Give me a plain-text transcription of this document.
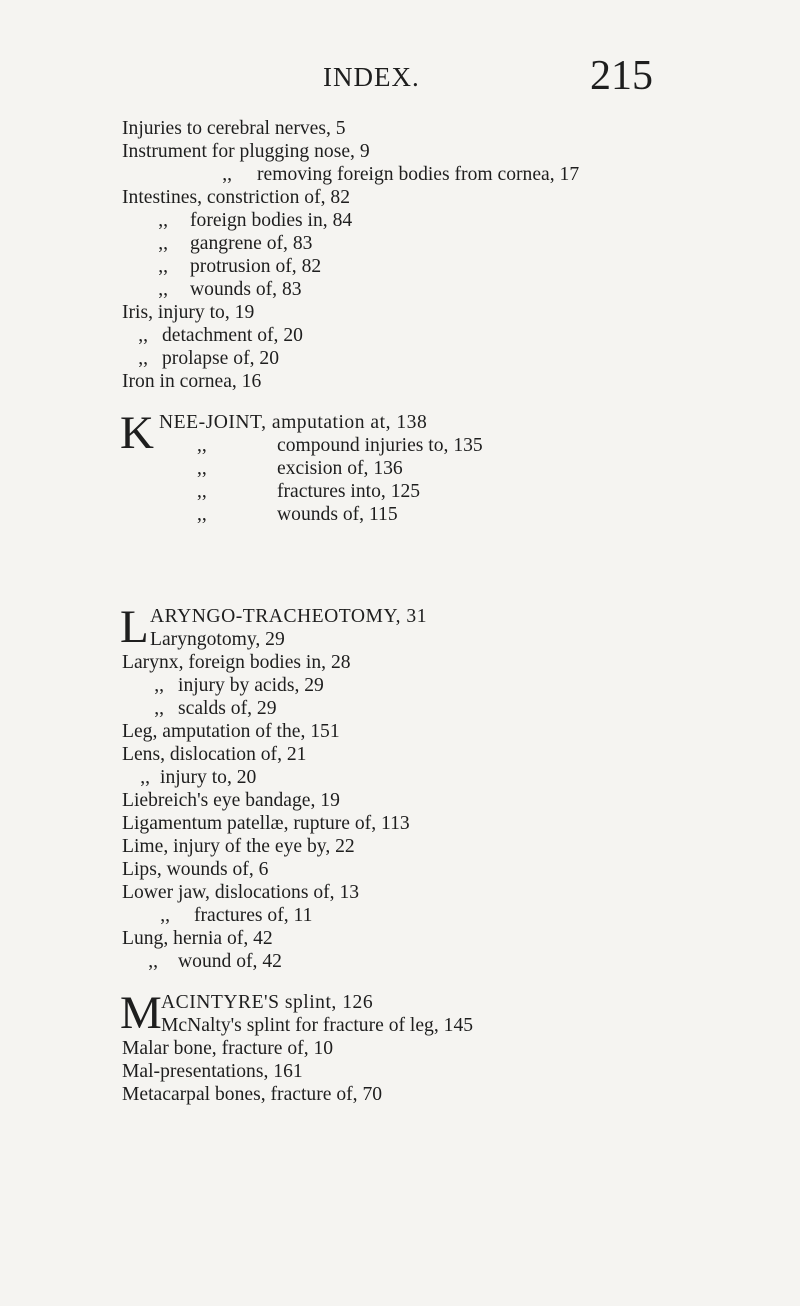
INDEX.	215
Injuries to cerebral nerves, 5
Instrument for plugging nose, 9
,, removing foreign bodies from cornea, 17
Intestines, constriction of, 82
,, foreign bodies in, 84
,, gangrene of, 83
,, protrusion of, 82
,, wounds of, 83
Iris, injury to, 19
,, detachment of, 20
,, prolapse of, 20
Iron in cornea, 16
K NEE-JOINT, amputation at, 138
,,	compound injuries to, 135
,,	excision of, 136
,,	fractures into, 125
,,	wounds of, 115
L ARYNGO-TRACHEOTOMY, 31
Laryngotomy, 29
Larynx, foreign bodies in, 28
,, injury by acids, 29
,, scalds of, 29
Leg, amputation of the, 151
Lens, dislocation of, 21
,, injury to, 20
Liebreich's eye bandage, 19
Ligamentum patellæ, rupture of, 113
Lime, injury of the eye by, 22
Lips, wounds of, 6
Lower jaw, dislocations of, 13
,, fractures of, 11
Lung, hernia of, 42
,, wound of, 42
M ACINTYRE'S splint, 126
McNalty's splint for fracture of leg, 145
Malar bone, fracture of, 10
Mal-presentations, 161
Metacarpal bones, fracture of, 70
